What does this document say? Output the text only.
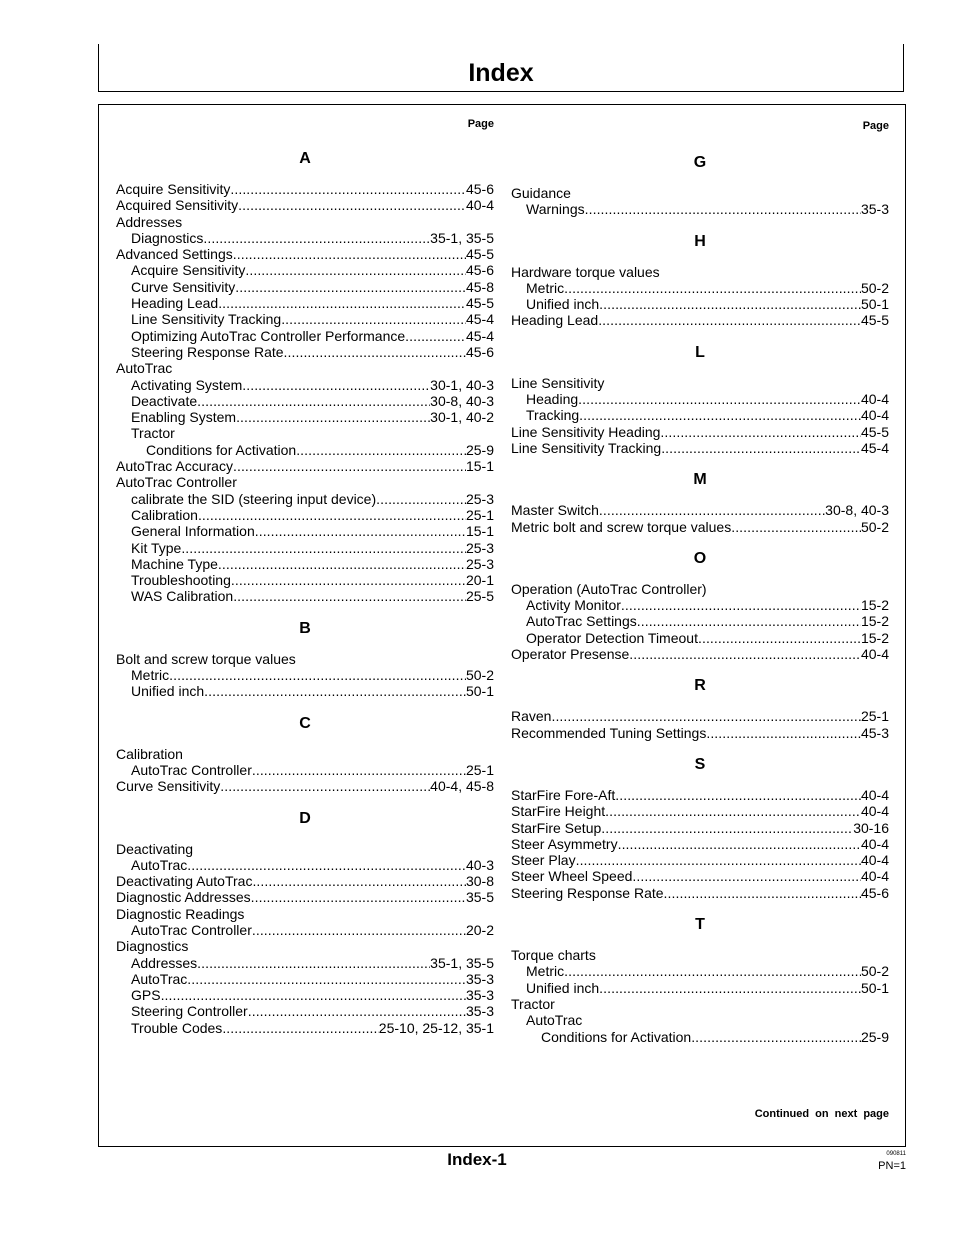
Index
Page
A
Acquire Sensitivity . . .	45-6
Acquired Sensitivity . . .	40-4
Addresses
Diagnostics . . .	35-1, 35-5
Advanced Settings . . .	45-5
Acquire Sensitivity . . .	45-6
Curve Sensitivity . . .	45-8
Heading Lead . . .	45-5
Line Sensitivity Tracking . . .	45-4
Optimizing AutoTrac Controller Performance . . .	45-4
Steering Response Rate . . .	45-6
AutoTrac
Activating System . . .	30-1, 40-3
Deactivate . . .	30-8, 40-3
Enabling System . . .	30-1, 40-2
Tractor
Conditions for Activation . . .	25-9
AutoTrac Accuracy . . .	15-1
AutoTrac Controller
calibrate the SID (steering input device) . . .	25-3
Calibration . . .	25-1
General Information . . .	15-1
Kit Type . . .	25-3
Machine Type . . .	25-3
Troubleshooting . . .	20-1
WAS Calibration . . .	25-5
B
Bolt and screw torque values
Metric . . .	50-2
Unified inch . . .	50-1
C
Calibration
AutoTrac Controller . . .	25-1
Curve Sensitivity . . .	40-4, 45-8
D
Deactivating
AutoTrac . . .	40-3
Deactivating AutoTrac . . .	30-8
Diagnostic Addresses . . .	35-5
Diagnostic Readings
AutoTrac Controller . . .	20-2
Diagnostics
Addresses . . .	35-1, 35-5
AutoTrac . . .	35-3
GPS . . .	35-3
Steering Controller . . .	35-3
Trouble Codes . . .	25-10, 25-12, 35-1
Page
G
Guidance
Warnings . . .	35-3
H
Hardware torque values
Metric . . .	50-2
Unified inch . . .	50-1
Heading Lead . . .	45-5
L
Line Sensitivity
Heading . . .	40-4
Tracking . . .	40-4
Line Sensitivity Heading . . .	45-5
Line Sensitivity Tracking . . .	45-4
M
Master Switch . . .	30-8, 40-3
Metric bolt and screw torque values . . .	50-2
O
Operation (AutoTrac Controller)
Activity Monitor . . .	15-2
AutoTrac Settings . . .	15-2
Operator Detection Timeout . . .	15-2
Operator Presense . . .	40-4
R
Raven . . .	25-1
Recommended Tuning Settings . . .	45-3
S
StarFire Fore-Aft . . .	40-4
StarFire Height . . .	40-4
StarFire Setup . . .	30-16
Steer Asymmetry . . .	40-4
Steer Play . . .	40-4
Steer Wheel Speed . . .	40-4
Steering Response Rate . . .	45-6
T
Torque charts
Metric . . .	50-2
Unified inch . . .	50-1
Tractor
AutoTrac
Conditions for Activation . . .	25-9
Continued on next page
Index-1	090811
PN=1
